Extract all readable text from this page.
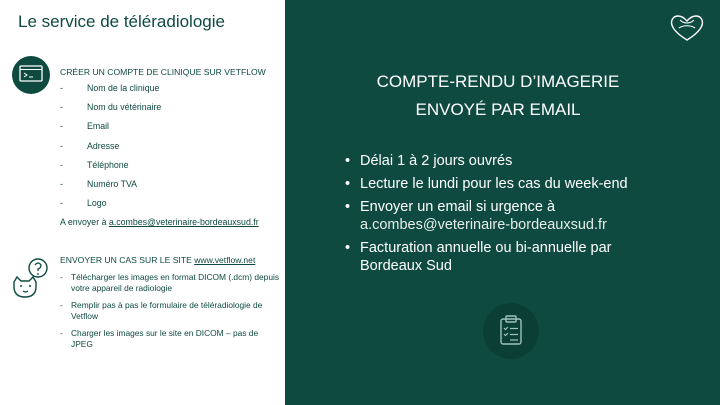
Le service de téléradiologie
CRÉER UN COMPTE DE CLINIQUE SUR VETFLOW
-	Nom de la clinique
-	Nom du vétérinaire
-	Email
-	Adresse
-	Téléphone
-	Numéro TVA
-	Logo
A envoyer à a.combes@veterinaire-bordeauxsud.fr
ENVOYER UN CAS SUR LE SITE www.vetflow.net
- Télécharger les images en format DICOM (.dcm) depuis votre appareil de radiologie
- Remplir pas à pas le formulaire de téléradiologie de Vetflow
- Charger les images sur le site en DICOM – pas de JPEG
COMPTE-RENDU D’IMAGERIE
ENVOYÉ PAR EMAIL
• Délai 1 à 2 jours ouvrés
• Lecture le lundi pour les cas du week-end
• Envoyer un email si urgence à
a.combes@veterinaire-bordeauxsud.fr
• Facturation annuelle ou bi-annuelle par
Bordeaux Sud
